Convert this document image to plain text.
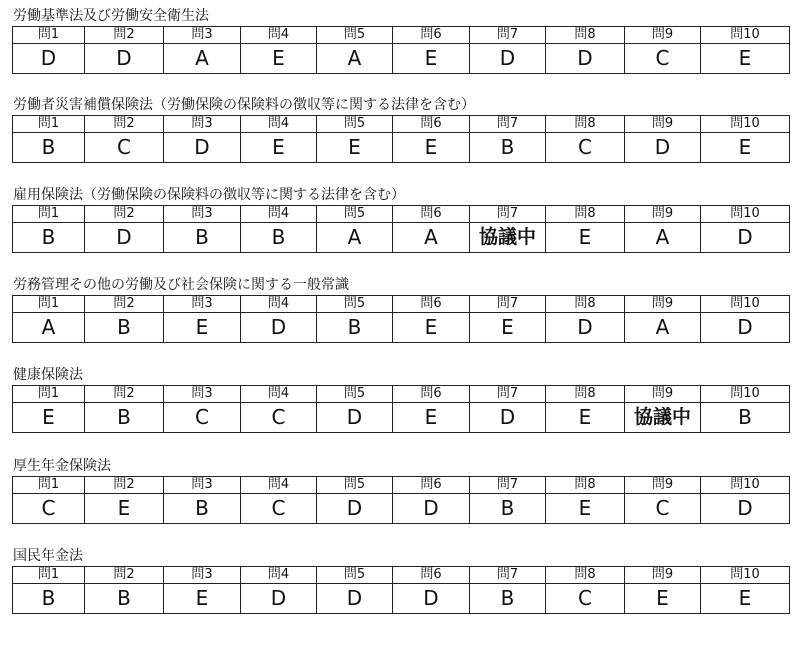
労働基準法及び労働安全衛生法
問1	問2	問3	問4	問5	問6	問7	問8	問9	問10
D	D	A	E	A	E	D	D	C	E
労働者災害補償保険法（労働保険の保険料の徴収等に関する法律を含む）
問1	問2	問3	問4	問5	問6	問7	問8	問9	問10
B	C	D	E	E	E	B	C	D	E
雇用保険法（労働保険の保険料の徴収等に関する法律を含む）
問1	問2	問3	問4	問5	問6	問7	問8	問9	問10
B	D	B	B	A	A	協議中	E	A	D
労務管理その他の労働及び社会保険に関する一般常識
問1	問2	問3	問4	問5	問6	問7	問8	問9	問10
A	B	E	D	B	E	E	D	A	D
健康保険法
問1	問2	問3	問4	問5	問6	問7	問8	問9	問10
E	B	C	C	D	E	D	E	協議中	B
厚生年金保険法
問1	問2	問3	問4	問5	問6	問7	問8	問9	問10
C	E	B	C	D	D	B	E	C	D
国民年金法
問1	問2	問3	問4	問5	問6	問7	問8	問9	問10
B	B	E	D	D	D	B	C	E	E
